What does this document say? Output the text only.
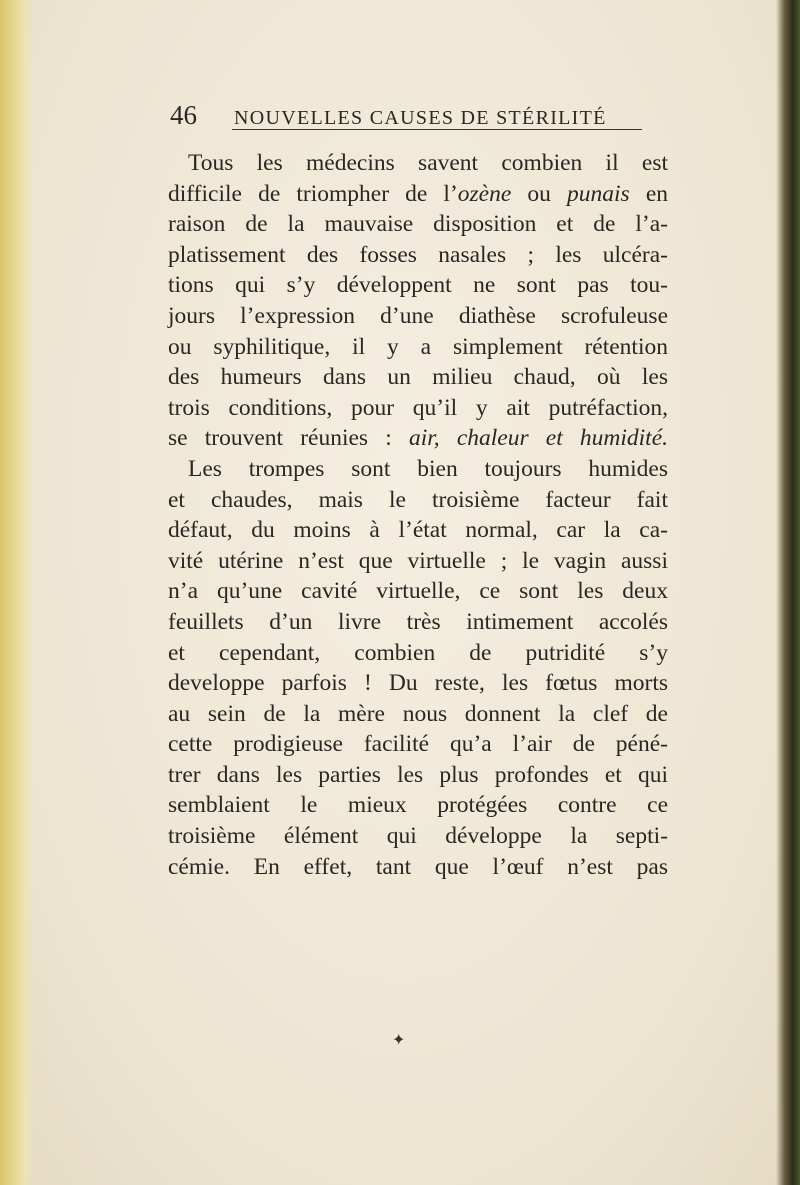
46	NOUVELLES CAUSES DE STÉRILITÉ
Tous les médecins savent combien il est
difficile de triompher de l’ozène ou punais en
raison de la mauvaise disposition et de l’a-
platissement des fosses nasales ; les ulcéra-
tions qui s’y développent ne sont pas tou-
jours l’expression d’une diathèse scrofuleuse
ou syphilitique, il y a simplement rétention
des humeurs dans un milieu chaud, où les
trois conditions, pour qu’il y ait putréfaction,
se trouvent réunies : air, chaleur et humidité.
Les trompes sont bien toujours humides
et chaudes, mais le troisième facteur fait
défaut, du moins à l’état normal, car la ca-
vité utérine n’est que virtuelle ; le vagin aussi
n’a qu’une cavité virtuelle, ce sont les deux
feuillets d’un livre très intimement accolés
et cependant, combien de putridité s’y
developpe parfois ! Du reste, les fœtus morts
au sein de la mère nous donnent la clef de
cette prodigieuse facilité qu’a l’air de péné-
trer dans les parties les plus profondes et qui
semblaient le mieux protégées contre ce
troisième élément qui développe la septi-
cémie. En effet, tant que l’œuf n’est pas
✦
